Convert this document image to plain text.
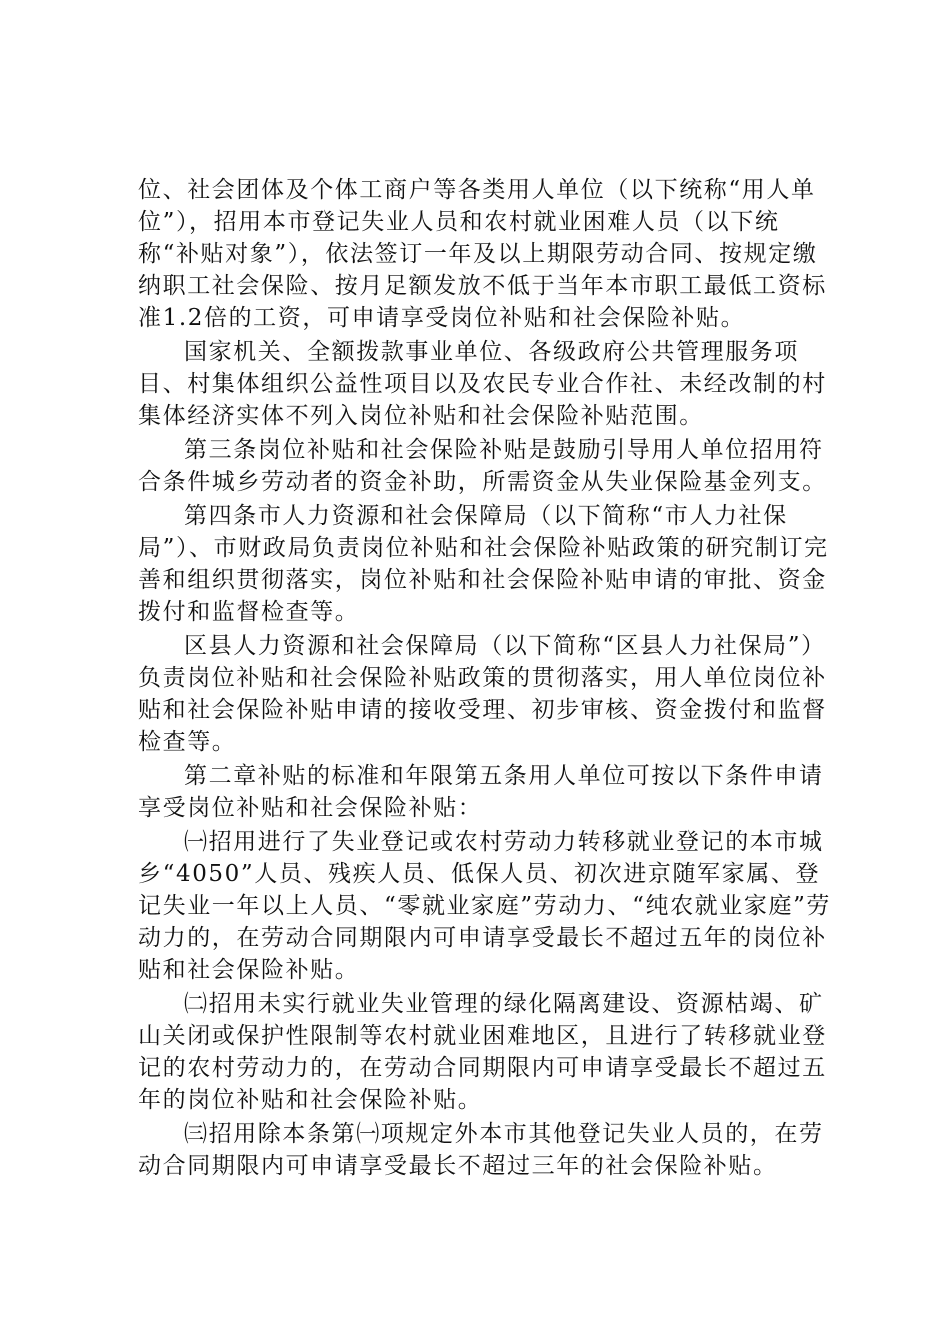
位、社会团体及个体工商户等各类用人单位（以下统称“用人单位”），招用本市登记失业人员和农村就业困难人员（以下统称“补贴对象”），依法签订一年及以上期限劳动合同、按规定缴纳职工社会保险、按月足额发放不低于当年本市职工最低工资标准1.2倍的工资，可申请享受岗位补贴和社会保险补贴。

国家机关、全额拨款事业单位、各级政府公共管理服务项目、村集体组织公益性项目以及农民专业合作社、未经改制的村集体经济实体不列入岗位补贴和社会保险补贴范围。

第三条岗位补贴和社会保险补贴是鼓励引导用人单位招用符合条件城乡劳动者的资金补助，所需资金从失业保险基金列支。

第四条市人力资源和社会保障局（以下简称“市人力社保局”）、市财政局负责岗位补贴和社会保险补贴政策的研究制订完善和组织贯彻落实，岗位补贴和社会保险补贴申请的审批、资金拨付和监督检查等。

区县人力资源和社会保障局（以下简称“区县人力社保局”）负责岗位补贴和社会保险补贴政策的贯彻落实，用人单位岗位补贴和社会保险补贴申请的接收受理、初步审核、资金拨付和监督检查等。

第二章补贴的标准和年限第五条用人单位可按以下条件申请享受岗位补贴和社会保险补贴：

㈠招用进行了失业登记或农村劳动力转移就业登记的本市城乡“4050”人员、残疾人员、低保人员、初次进京随军家属、登记失业一年以上人员、“零就业家庭”劳动力、“纯农就业家庭”劳动力的，在劳动合同期限内可申请享受最长不超过五年的岗位补贴和社会保险补贴。

㈡招用未实行就业失业管理的绿化隔离建设、资源枯竭、矿山关闭或保护性限制等农村就业困难地区，且进行了转移就业登记的农村劳动力的，在劳动合同期限内可申请享受最长不超过五年的岗位补贴和社会保险补贴。

㈢招用除本条第㈠项规定外本市其他登记失业人员的，在劳动合同期限内可申请享受最长不超过三年的社会保险补贴。
